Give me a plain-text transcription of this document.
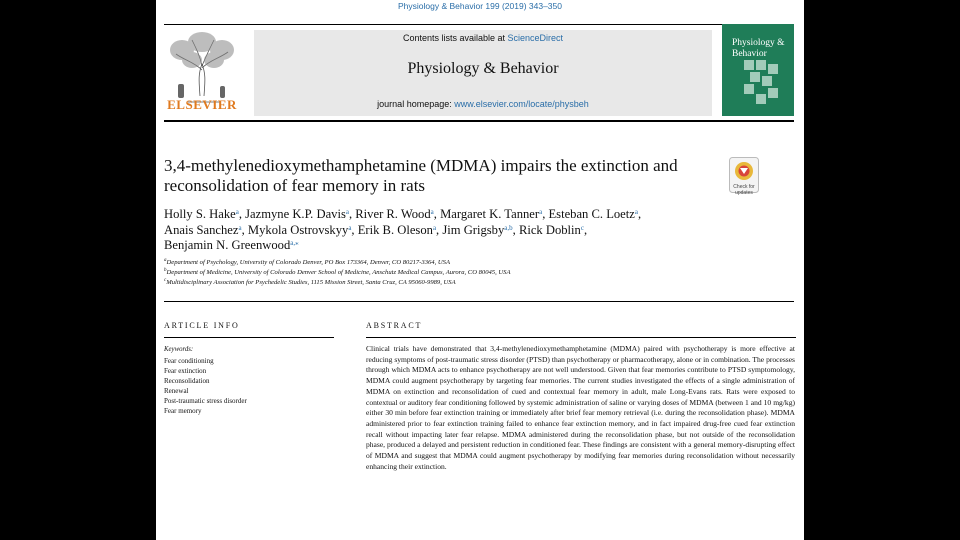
Physiology & Behavior 199 (2019) 343–350
ELSEVIER
Contents lists available at ScienceDirect
Physiology & Behavior
journal homepage: www.elsevier.com/locate/physbeh
Physiology & Behavior
3,4-methylenedioxymethamphetamine (MDMA) impairs the extinction and reconsolidation of fear memory in rats	Check for updates
Holly S. Hake$^a$, Jazmyne K.P. Davis$^a$, River R. Wood$^a$, Margaret K. Tanner$^a$, Esteban C. Loetz$^a$,
Anais Sanchez$^a$, Mykola Ostrovskyy$^a$, Erik B. Oleson$^a$, Jim Grigsby$^{a,b}$, Rick Doblin$^c$,
Benjamin N. Greenwood$^{a,⁎}$
$^a$Department of Psychology, University of Colorado Denver, PO Box 173364, Denver, CO 80217-3364, USA
$^b$Department of Medicine, University of Colorado Denver School of Medicine, Anschutz Medical Campus, Aurora, CO 80045, USA
$^c$Multidisciplinary Association for Psychedelic Studies, 1115 Mission Street, Santa Cruz, CA 95060-9989, USA
ARTICLE INFO
Keywords:
Fear conditioning
Fear extinction
Reconsolidation
Renewal
Post-traumatic stress disorder
Fear memory
ABSTRACT
Clinical trials have demonstrated that 3,4-methylenedioxymethamphetamine (MDMA) paired with psychotherapy is more effective at reducing symptoms of post-traumatic stress disorder (PTSD) than psychotherapy or pharmacotherapy, alone or in combination. The processes through which MDMA acts to enhance psychotherapy are not well understood. Given that fear memories contribute to PTSD symptomology, MDMA could augment psychotherapy by targeting fear memories. The current studies investigated the effects of a single administration of MDMA on extinction and reconsolidation of cued and contextual fear memory in adult, male Long-Evans rats. Rats were exposed to contextual or auditory fear conditioning followed by systemic administration of saline or varying doses of MDMA (between 1 and 10 mg/kg) either 30 min before fear extinction training or immediately after brief fear memory retrieval (i.e. during the reconsolidation phase). MDMA administered prior to fear extinction training failed to enhance fear extinction memory, and in fact impaired drug-free cued fear extinction recall without impacting later fear relapse. MDMA administered during the reconsolidation phase, but not outside of the reconsolidation phase, produced a delayed and persistent reduction in conditioned fear. These findings are consistent with a general memory-disrupting effect of MDMA and suggest that MDMA could augment psychotherapy by modifying fear memories during reconsolidation without necessarily enhancing their extinction.
